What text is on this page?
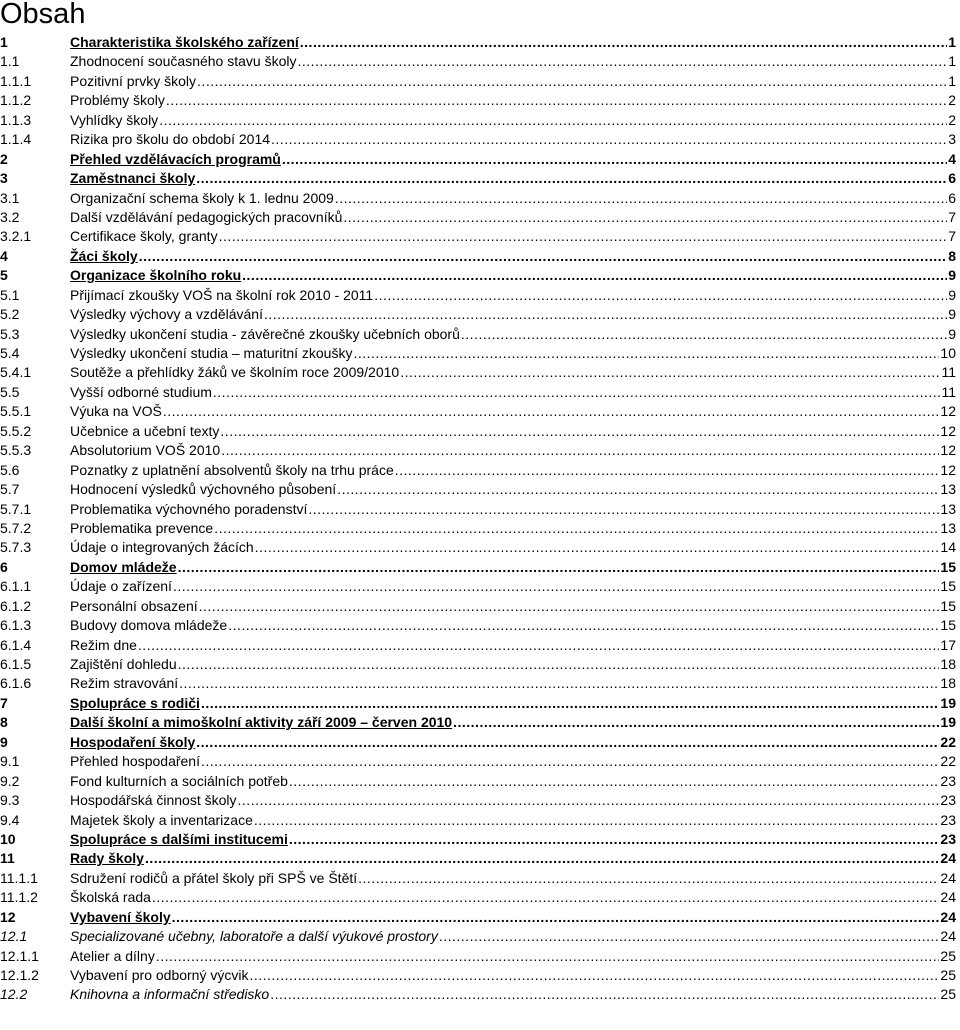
Obsah
1	Charakteristika školského zařízení .....	1
1.1	Zhodnocení současného stavu školy .....	1
1.1.1	Pozitivní prvky školy .....	1
1.1.2	Problémy školy .....	2
1.1.3	Vyhlídky školy .....	2
1.1.4	Rizika pro školu do období 2014 .....	3
2	Přehled vzdělávacích programů .....	4
3	Zaměstnanci školy .....	6
3.1	Organizační schema školy k 1. lednu 2009 .....	6
3.2	Další vzdělávání pedagogických pracovníků .....	7
3.2.1	Certifikace školy, granty .....	7
4	Žáci školy .....	8
5	Organizace školního roku .....	9
5.1	Přijímací zkoušky VOŠ na školní rok 2010 - 2011 .....	9
5.2	Výsledky výchovy a vzdělávání .....	9
5.3	Výsledky ukončení studia - závěrečné zkoušky učebních oborů .....	9
5.4	Výsledky ukončení studia – maturitní zkoušky .....	10
5.4.1	Soutěže a přehlídky žáků ve školním roce 2009/2010 .....	11
5.5	Vyšší odborné studium .....	11
5.5.1	Výuka na VOŠ .....	12
5.5.2	Učebnice a učební texty .....	12
5.5.3	Absolutorium VOŠ 2010 .....	12
5.6	Poznatky z uplatnění absolventů školy na trhu práce .....	12
5.7	Hodnocení výsledků výchovného působení .....	13
5.7.1	Problematika výchovného poradenství .....	13
5.7.2	Problematika prevence .....	13
5.7.3	Údaje o integrovaných žácích .....	14
6	Domov mládeže .....	15
6.1.1	Údaje o zařízení .....	15
6.1.2	Personální obsazení .....	15
6.1.3	Budovy domova mládeže .....	15
6.1.4	Režim dne .....	17
6.1.5	Zajištění dohledu .....	18
6.1.6	Režim stravování .....	18
7	Spolupráce s rodiči .....	19
8	Další školní a mimoškolní aktivity září 2009 – červen 2010 .....	19
9	Hospodaření školy .....	22
9.1	Přehled hospodaření .....	22
9.2	Fond kulturních a sociálních potřeb .....	23
9.3	Hospodářská činnost školy .....	23
9.4	Majetek školy a inventarizace .....	23
10	Spolupráce s dalšími institucemi .....	23
11	Rady školy .....	24
11.1.1	Sdružení rodičů a přátel školy při SPŠ ve Štětí .....	24
11.1.2	Školská rada .....	24
12	Vybavení školy .....	24
12.1	Specializované učebny, laboratoře a další výukové prostory .....	24
12.1.1	Atelier a dílny .....	25
12.1.2	Vybavení pro odborný výcvik .....	25
12.2	Knihovna a informační středisko .....	25
